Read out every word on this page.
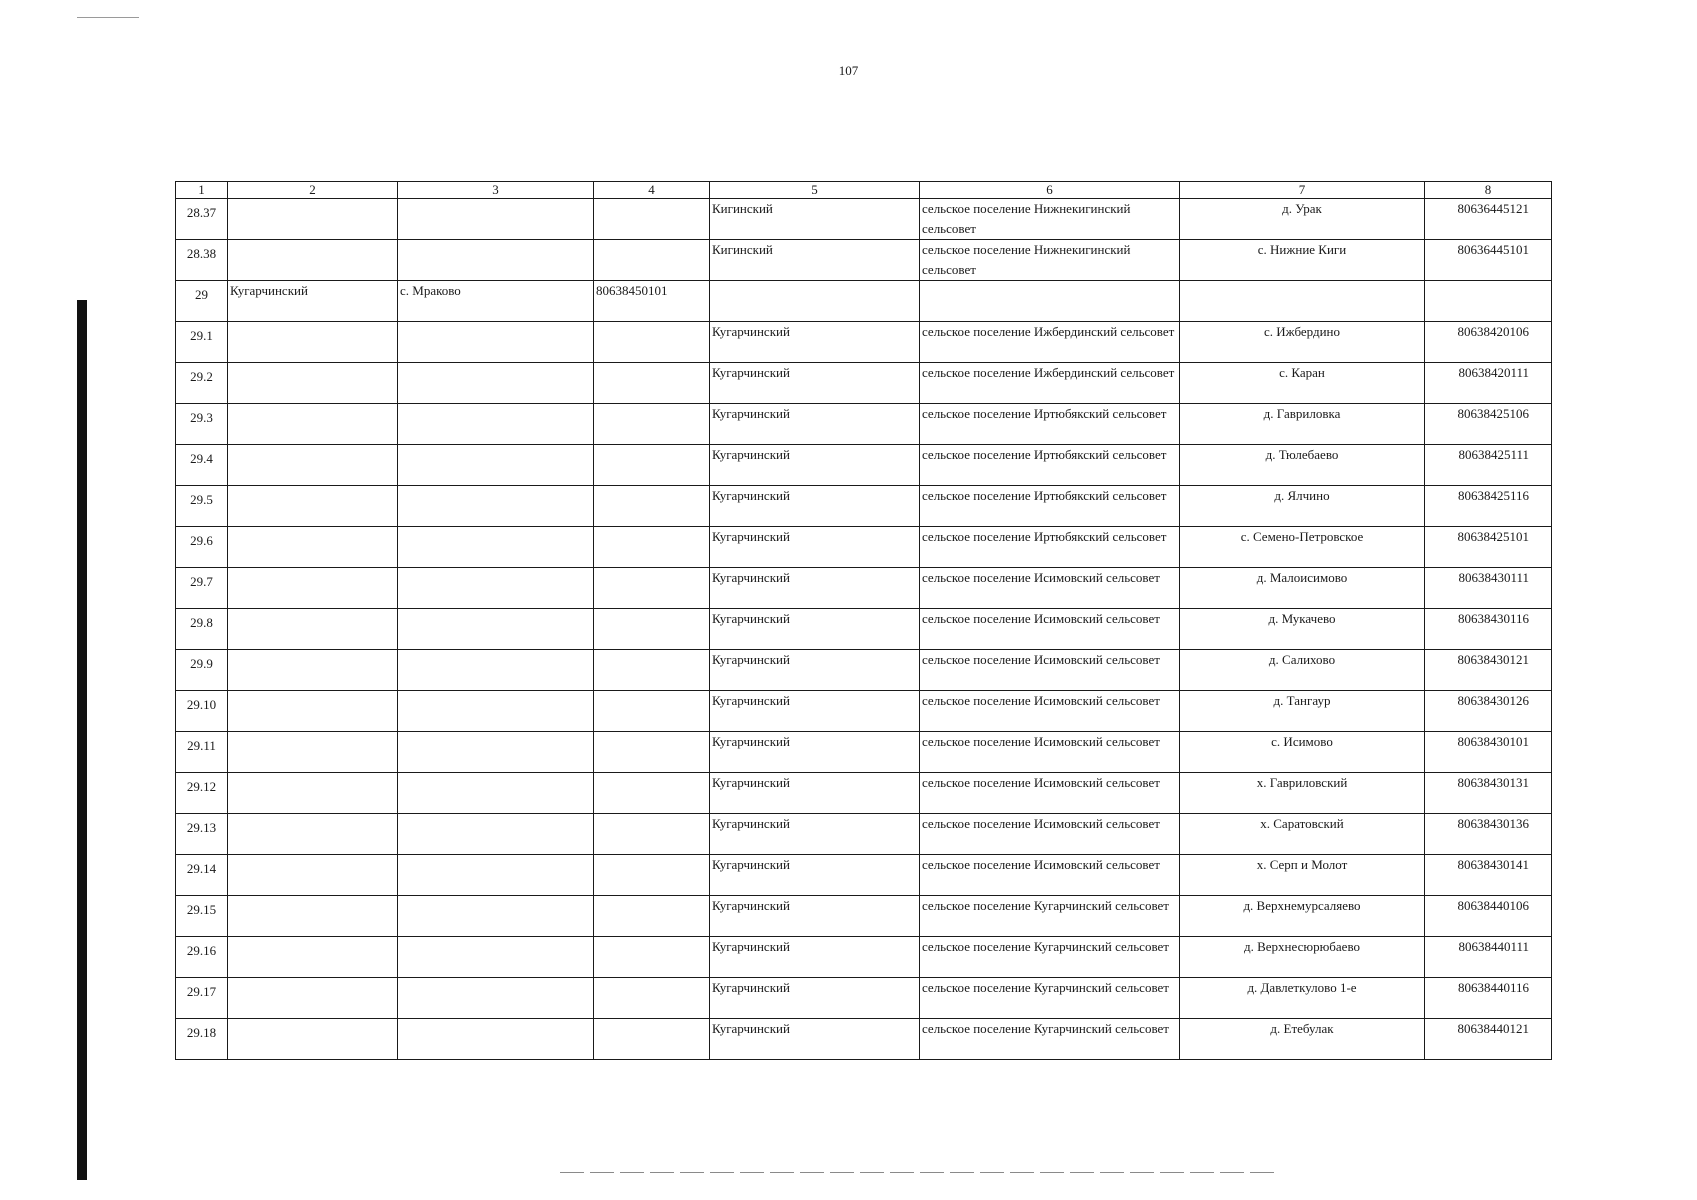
107
1	2	3	4	5	6	7	8
28.37				Кигинский	сельское поселение Нижнекигинский сельсовет	д. Урак	80636445121
28.38				Кигинский	сельское поселение Нижнекигинский сельсовет	с. Нижние Киги	80636445101
29	Кугарчинский	с. Мраково	80638450101				
29.1				Кугарчинский	сельское поселение Ижбердинский сельсовет	с. Ижбердино	80638420106
29.2				Кугарчинский	сельское поселение Ижбердинский сельсовет	с. Каран	80638420111
29.3				Кугарчинский	сельское поселение Иртюбякский сельсовет	д. Гавриловка	80638425106
29.4				Кугарчинский	сельское поселение Иртюбякский сельсовет	д. Тюлебаево	80638425111
29.5				Кугарчинский	сельское поселение Иртюбякский сельсовет	д. Ялчино	80638425116
29.6				Кугарчинский	сельское поселение Иртюбякский сельсовет	с. Семено-Петровское	80638425101
29.7				Кугарчинский	сельское поселение Исимовский сельсовет	д. Малоисимово	80638430111
29.8				Кугарчинский	сельское поселение Исимовский сельсовет	д. Мукачево	80638430116
29.9				Кугарчинский	сельское поселение Исимовский сельсовет	д. Салихово	80638430121
29.10				Кугарчинский	сельское поселение Исимовский сельсовет	д. Тангаур	80638430126
29.11				Кугарчинский	сельское поселение Исимовский сельсовет	с. Исимово	80638430101
29.12				Кугарчинский	сельское поселение Исимовский сельсовет	х. Гавриловский	80638430131
29.13				Кугарчинский	сельское поселение Исимовский сельсовет	х. Саратовский	80638430136
29.14				Кугарчинский	сельское поселение Исимовский сельсовет	х. Серп и Молот	80638430141
29.15				Кугарчинский	сельское поселение Кугарчинский сельсовет	д. Верхнемурсаляево	80638440106
29.16				Кугарчинский	сельское поселение Кугарчинский сельсовет	д. Верхнесюрюбаево	80638440111
29.17				Кугарчинский	сельское поселение Кугарчинский сельсовет	д. Давлеткулово 1-е	80638440116
29.18				Кугарчинский	сельское поселение Кугарчинский сельсовет	д. Етебулак	80638440121
